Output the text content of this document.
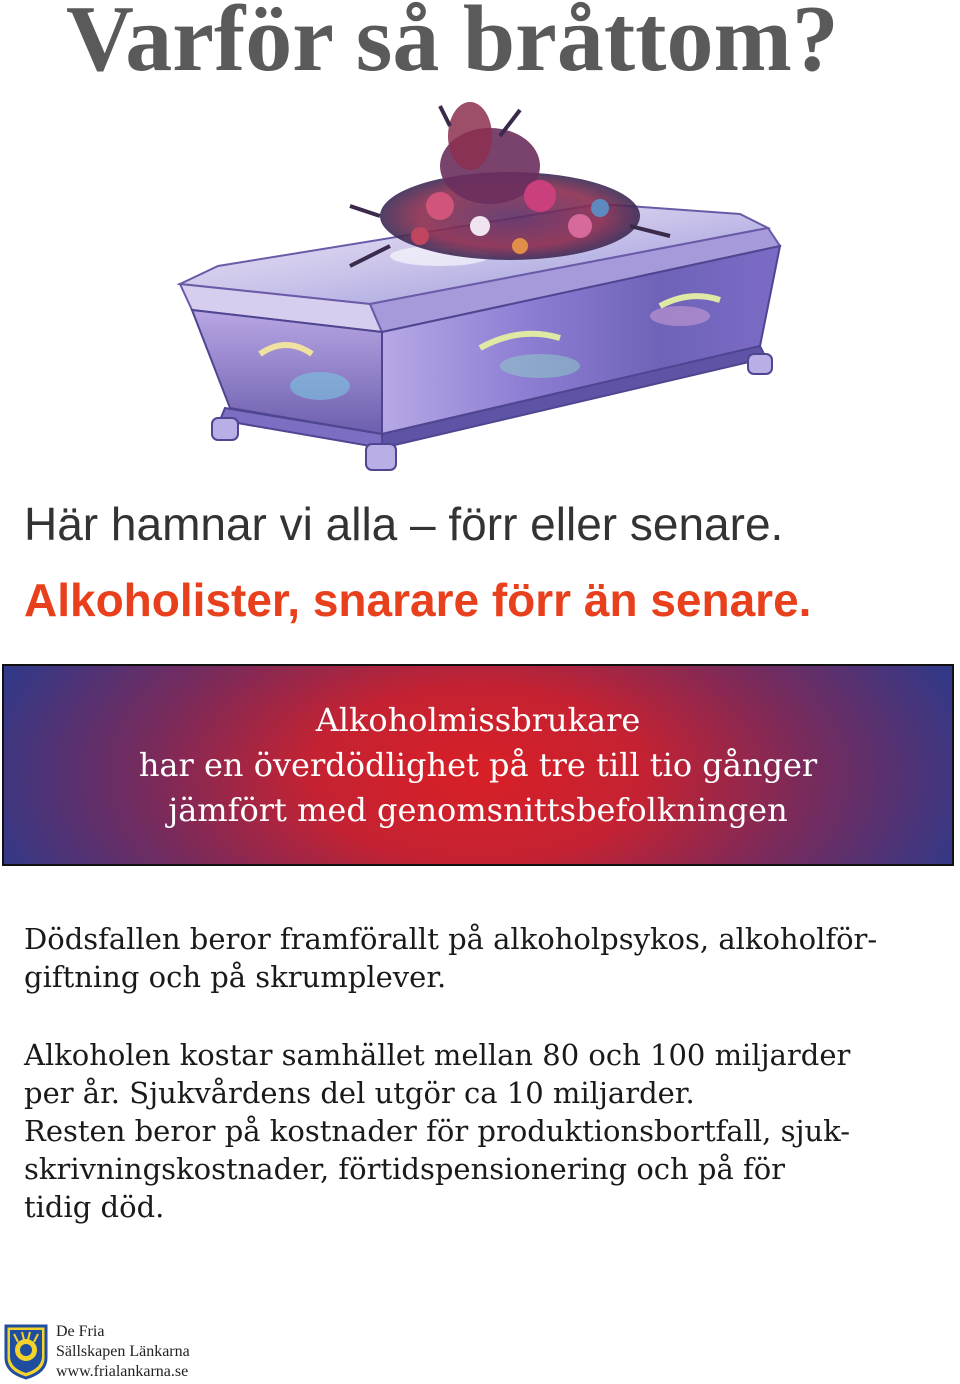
Varför så bråttom?
Här hamnar vi alla – förr eller senare.
Alkoholister, snarare förr än senare.
Alkoholmissbrukare
har en överdödlighet på tre till tio gånger
jämfört med genomsnittsbefolkningen

Dödsfallen beror framförallt på alkoholpsykos, alkoholför-
giftning och på skrumplever.

Alkoholen kostar samhället mellan 80 och 100 miljarder
per år. Sjukvårdens del utgör ca 10 miljarder.
Resten beror på kostnader för produktionsbortfall, sjuk-
skrivningskostnader, förtidspensionering och på för
tidig död.

De Fria
Sällskapen Länkarna
www.frialankarna.se
